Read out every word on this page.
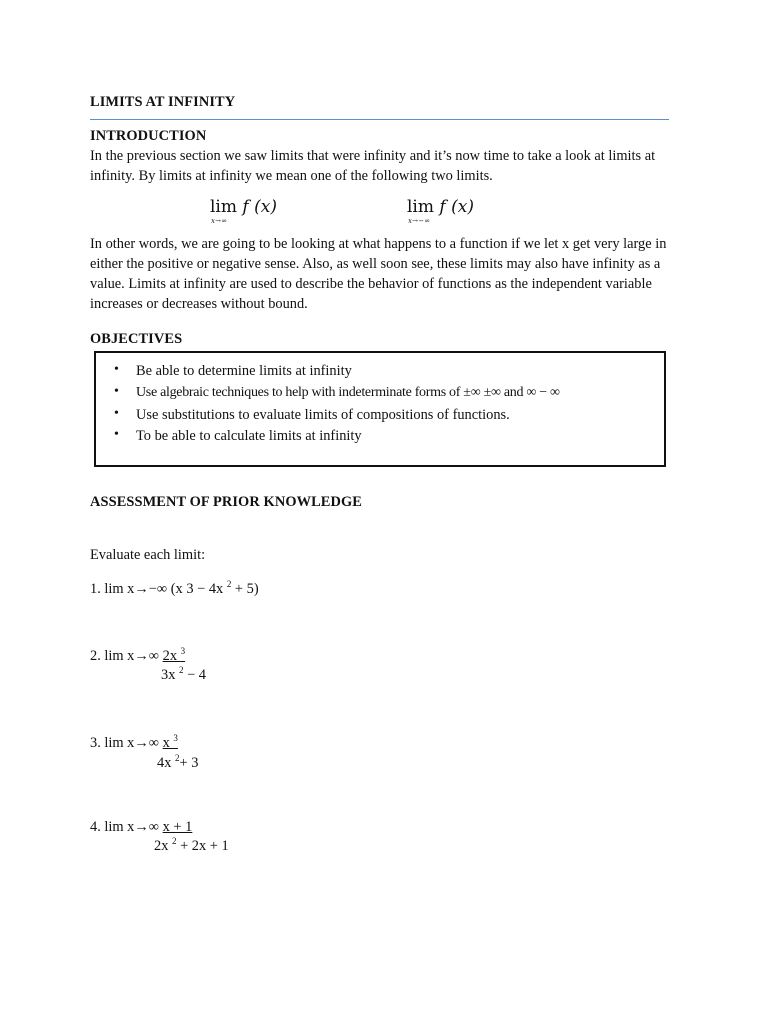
LIMITS AT INFINITY
INTRODUCTION
In the previous section we saw limits that were infinity and it’s now time to take a look at limits at infinity. By limits at infinity we mean one of the following two limits.
lim f (x)
x→∞
lim f (x)
x→−∞
In other words, we are going to be looking at what happens to a function if we let x get very large in either the positive or negative sense. Also, as well soon see, these limits may also have infinity as a value. Limits at infinity are used to describe the behavior of functions as the independent variable increases or decreases without bound.
OBJECTIVES
• Be able to determine limits at infinity
• Use algebraic techniques to help with indeterminate forms of ±∞ ±∞ and ∞ − ∞
• Use substitutions to evaluate limits of compositions of functions.
• To be able to calculate limits at infinity
ASSESSMENT OF PRIOR KNOWLEDGE
Evaluate each limit:
1. lim x→−∞ (x 3 − 4x $^2$ + 5)
2. lim x→∞ 2x $^3$
3x $^2$ − 4
3. lim x→∞ x $^3$
4x $^2$+ 3
4. lim x→∞ x + 1
2x $^2$ + 2x + 1
